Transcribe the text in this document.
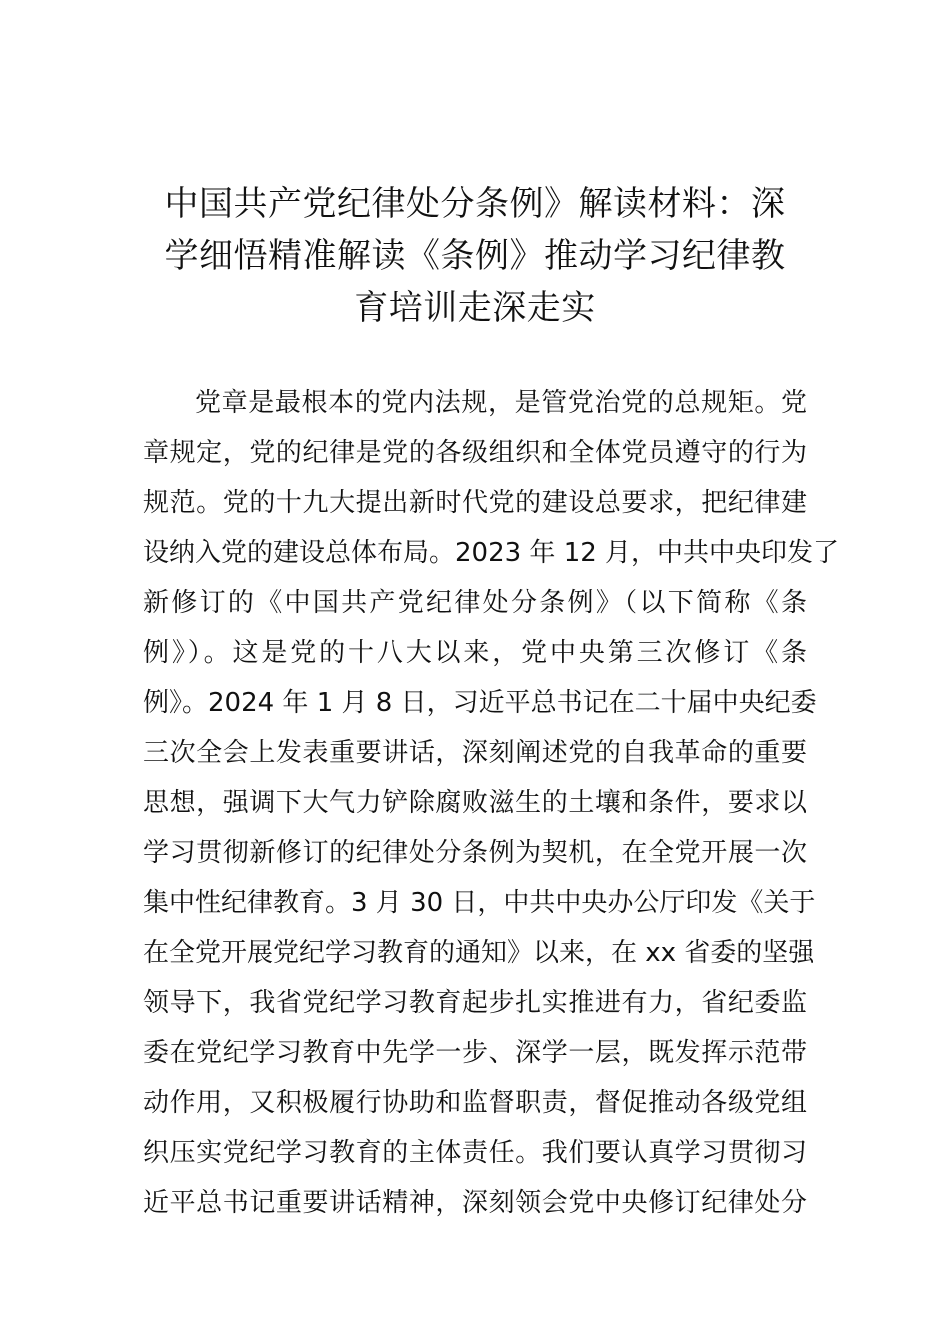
中国共产党纪律处分条例》解读材料：深
学细悟精准解读《条例》推动学习纪律教
育培训走深走实
党章是最根本的党内法规，是管党治党的总规矩。党
章规定，党的纪律是党的各级组织和全体党员遵守的行为
规范。党的十九大提出新时代党的建设总要求，把纪律建
设纳入党的建设总体布局。2023 年 12 月，中共中央印发了
新修订的《中国共产党纪律处分条例》（以下简称《条
例》）。这是党的十八大以来，党中央第三次修订《条
例》。2024 年 1 月 8 日，习近平总书记在二十届中央纪委
三次全会上发表重要讲话，深刻阐述党的自我革命的重要
思想，强调下大气力铲除腐败滋生的土壤和条件，要求以
学习贯彻新修订的纪律处分条例为契机，在全党开展一次
集中性纪律教育。3 月 30 日，中共中央办公厅印发《关于
在全党开展党纪学习教育的通知》以来，在 xx 省委的坚强
领导下，我省党纪学习教育起步扎实推进有力，省纪委监
委在党纪学习教育中先学一步、深学一层，既发挥示范带
动作用，又积极履行协助和监督职责，督促推动各级党组
织压实党纪学习教育的主体责任。我们要认真学习贯彻习
近平总书记重要讲话精神，深刻领会党中央修订纪律处分
